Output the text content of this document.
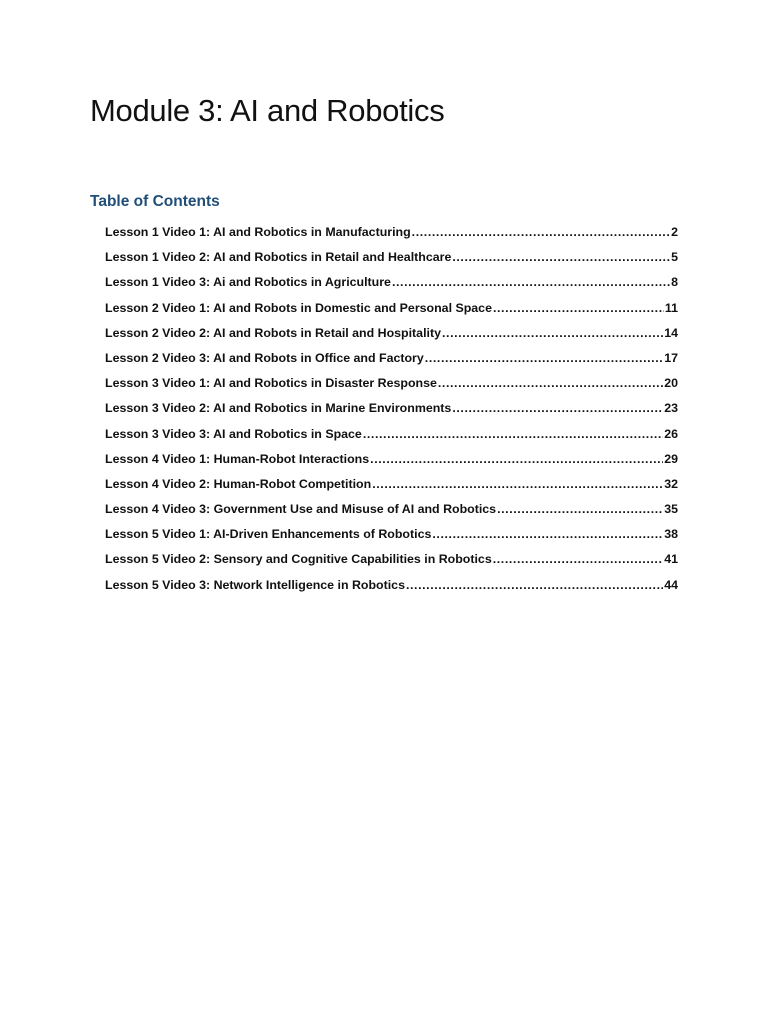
Module 3: AI and Robotics
Table of Contents
Lesson 1 Video 1: AI and Robotics in Manufacturing .....	2
Lesson 1 Video 2: AI and Robotics in Retail and Healthcare .....	5
Lesson 1 Video 3: Ai and Robotics in Agriculture .....	8
Lesson 2 Video 1: AI and Robots in Domestic and Personal Space .....	11
Lesson 2 Video 2: AI and Robots in Retail and Hospitality .....	14
Lesson 2 Video 3: AI and Robots in Office and Factory .....	17
Lesson 3 Video 1: AI and Robotics in Disaster Response .....	20
Lesson 3 Video 2: AI and Robotics in Marine Environments .....	23
Lesson 3 Video 3: AI and Robotics in Space .....	26
Lesson 4 Video 1: Human-Robot Interactions .....	29
Lesson 4 Video 2: Human-Robot Competition .....	32
Lesson 4 Video 3: Government Use and Misuse of AI and Robotics .....	35
Lesson 5 Video 1: AI-Driven Enhancements of Robotics .....	38
Lesson 5 Video 2: Sensory and Cognitive Capabilities in Robotics .....	41
Lesson 5 Video 3: Network Intelligence in Robotics .....	44
